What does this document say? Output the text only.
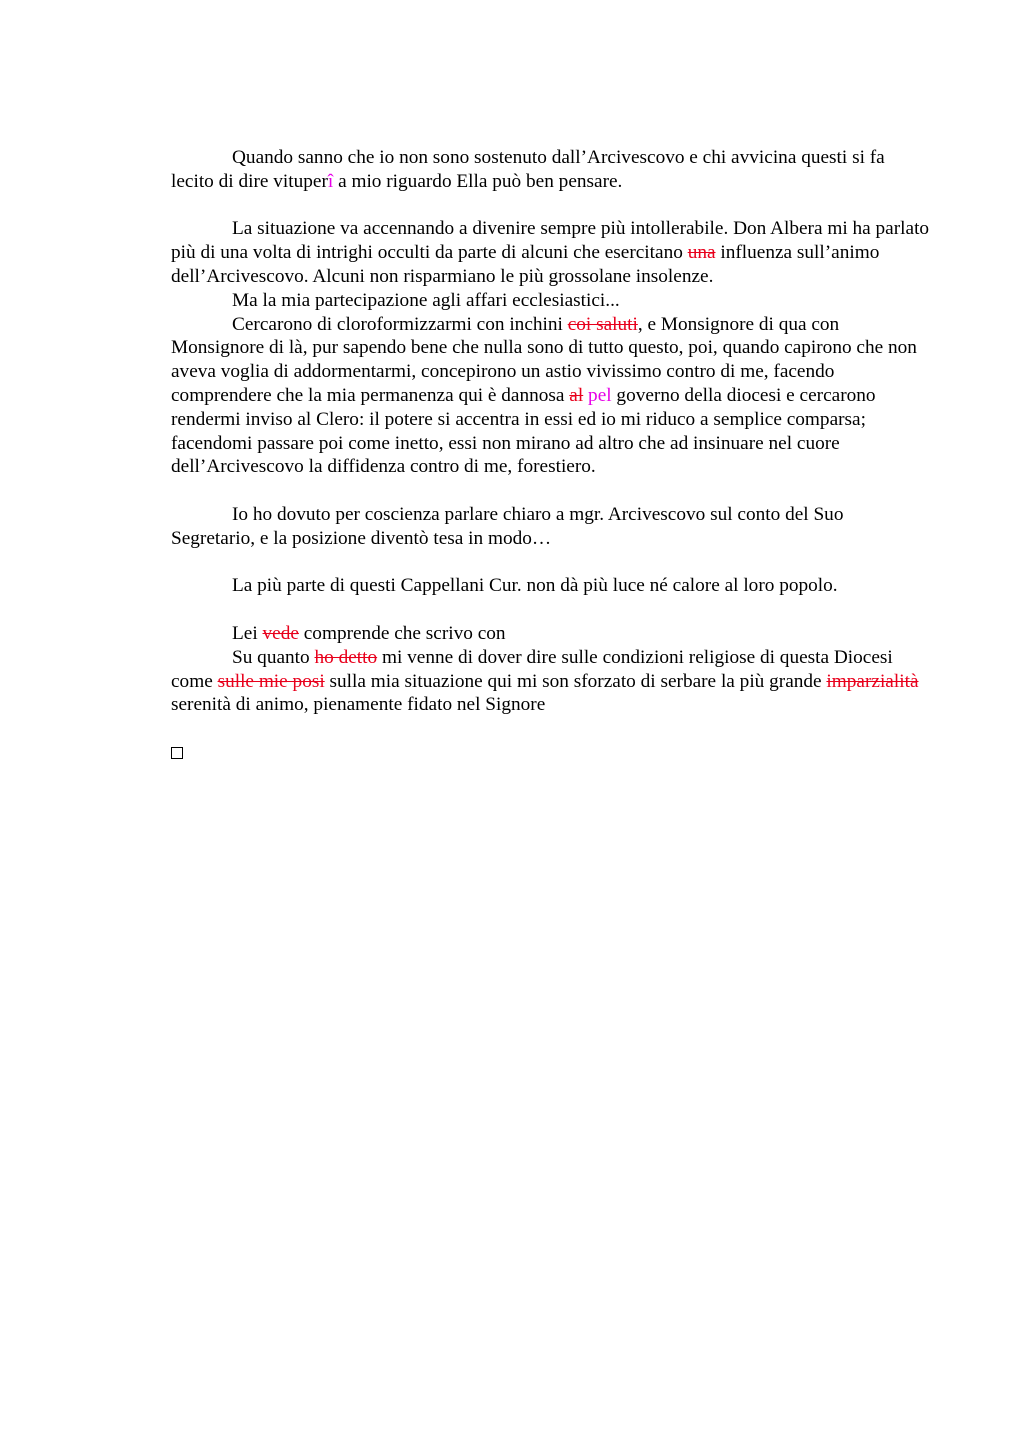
Quando sanno che io non sono sostenuto dall’Arcivescovo e chi avvicina questi si fa lecito di dire vituperî a mio riguardo Ella può ben pensare.

La situazione va accennando a divenire sempre più intollerabile. Don Albera mi ha parlato più di una volta di intrighi occulti da parte di alcuni che esercitano una influenza sull’animo dell’Arcivescovo. Alcuni non risparmiano le più grossolane insolenze.

Ma la mia partecipazione agli affari ecclesiastici...

Cercarono di cloroformizzarmi con inchini coi saluti, e Monsignore di qua con Monsignore di là, pur sapendo bene che nulla sono di tutto questo, poi, quando capirono che non aveva voglia di addormentarmi, concepirono un astio vivissimo contro di me, facendo comprendere che la mia permanenza qui è dannosa al pel governo della diocesi e cercarono rendermi inviso al Clero: il potere si accentra in essi ed io mi riduco a semplice comparsa; facendomi passare poi come inetto, essi non mirano ad altro che ad insinuare nel cuore dell’Arcivescovo la diffidenza contro di me, forestiero.

Io ho dovuto per coscienza parlare chiaro a mgr. Arcivescovo sul conto del Suo Segretario, e la posizione diventò tesa in modo…

La più parte di questi Cappellani Cur. non dà più luce né calore al loro popolo.

Lei vede comprende che scrivo con

Su quanto ho detto mi venne di dover dire sulle condizioni religiose di questa Diocesi come sulle mie posi sulla mia situazione qui mi son sforzato di serbare la più grande imparzialità serenità di animo, pienamente fidato nel Signore
